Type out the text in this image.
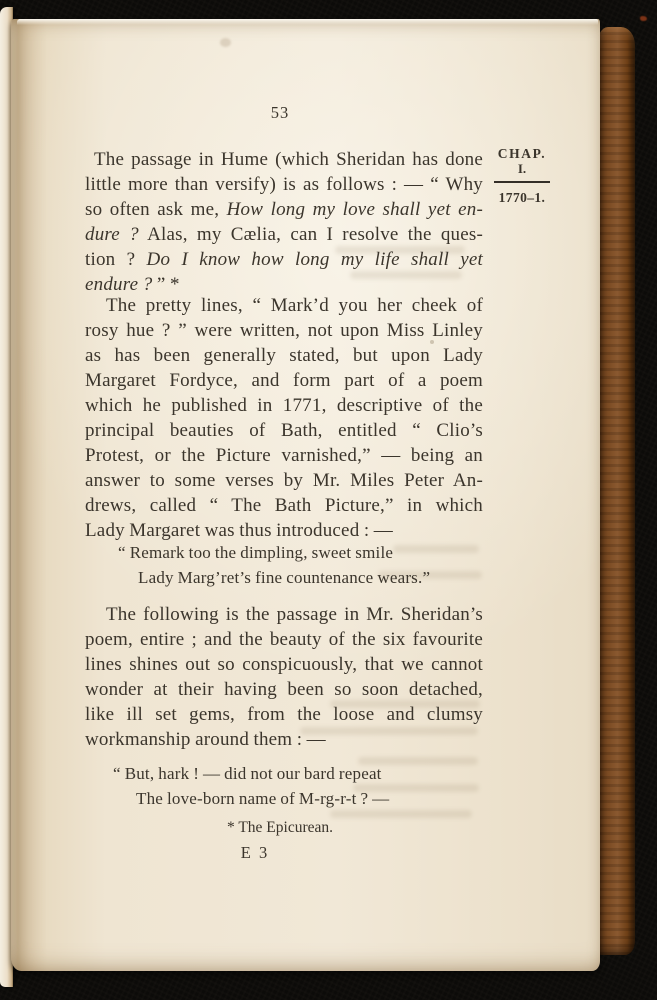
53
CHAP.
I.
1770–1.
The passage in Hume (which Sheridan has done
little more than versify) is as follows : — “ Why
so often ask me, How long my love shall yet en-
dure ? Alas, my Cælia, can I resolve the ques-
tion ? Do I know how long my life shall yet
endure ? ” *
The pretty lines, “ Mark’d you her cheek of
rosy hue ? ” were written, not upon Miss Linley
as has been generally stated, but upon Lady
Margaret Fordyce, and form part of a poem
which he published in 1771, descriptive of the
principal beauties of Bath, entitled “ Clio’s
Protest, or the Picture varnished,” — being an
answer to some verses by Mr. Miles Peter An-
drews, called “ The Bath Picture,” in which
Lady Margaret was thus introduced : —
“ Remark too the dimpling, sweet smile
Lady Marg’ret’s fine countenance wears.”
The following is the passage in Mr. Sheridan’s
poem, entire ; and the beauty of the six favourite
lines shines out so conspicuously, that we cannot
wonder at their having been so soon detached,
like ill set gems, from the loose and clumsy
workmanship around them : —
“ But, hark ! — did not our bard repeat
The love-born name of M-rg-r-t ? —
* The Epicurean.
E 3
